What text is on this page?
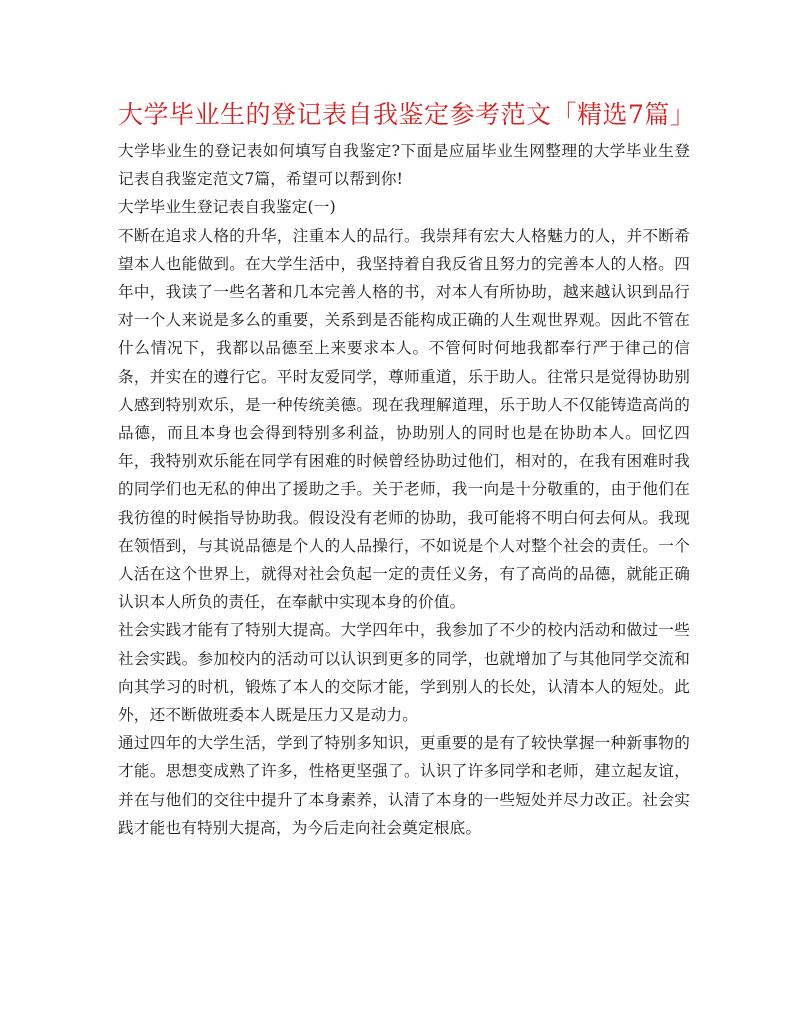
大学毕业生的登记表自我鉴定参考范文「精选7篇」

大学毕业生的登记表如何填写自我鉴定?下面是应届毕业生网整理的大学毕业生登记表自我鉴定范文7篇，希望可以帮到你!

大学毕业生登记表自我鉴定(一)

不断在追求人格的升华，注重本人的品行。我崇拜有宏大人格魅力的人，并不断希望本人也能做到。在大学生活中，我坚持着自我反省且努力的完善本人的人格。四年中，我读了一些名著和几本完善人格的书，对本人有所协助，越来越认识到品行对一个人来说是多么的重要，关系到是否能构成正确的人生观世界观。因此不管在什么情况下，我都以品德至上来要求本人。不管何时何地我都奉行严于律己的信条，并实在的遵行它。平时友爱同学，尊师重道，乐于助人。往常只是觉得协助别人感到特别欢乐，是一种传统美德。现在我理解道理，乐于助人不仅能铸造高尚的品德，而且本身也会得到特别多利益，协助别人的同时也是在协助本人。回忆四年，我特别欢乐能在同学有困难的时候曾经协助过他们，相对的，在我有困难时我的同学们也无私的伸出了援助之手。关于老师，我一向是十分敬重的，由于他们在我彷徨的时候指导协助我。假设没有老师的协助，我可能将不明白何去何从。我现在领悟到，与其说品德是个人的人品操行，不如说是个人对整个社会的责任。一个人活在这个世界上，就得对社会负起一定的责任义务，有了高尚的品德，就能正确认识本人所负的责任，在奉献中实现本身的价值。

社会实践才能有了特别大提高。大学四年中，我参加了不少的校内活动和做过一些社会实践。参加校内的活动可以认识到更多的同学，也就增加了与其他同学交流和向其学习的时机，锻炼了本人的交际才能，学到别人的长处，认清本人的短处。此外，还不断做班委本人既是压力又是动力。

通过四年的大学生活，学到了特别多知识，更重要的是有了较快掌握一种新事物的才能。思想变成熟了许多，性格更坚强了。认识了许多同学和老师，建立起友谊，并在与他们的交往中提升了本身素养，认清了本身的一些短处并尽力改正。社会实践才能也有特别大提高，为今后走向社会奠定根底。
